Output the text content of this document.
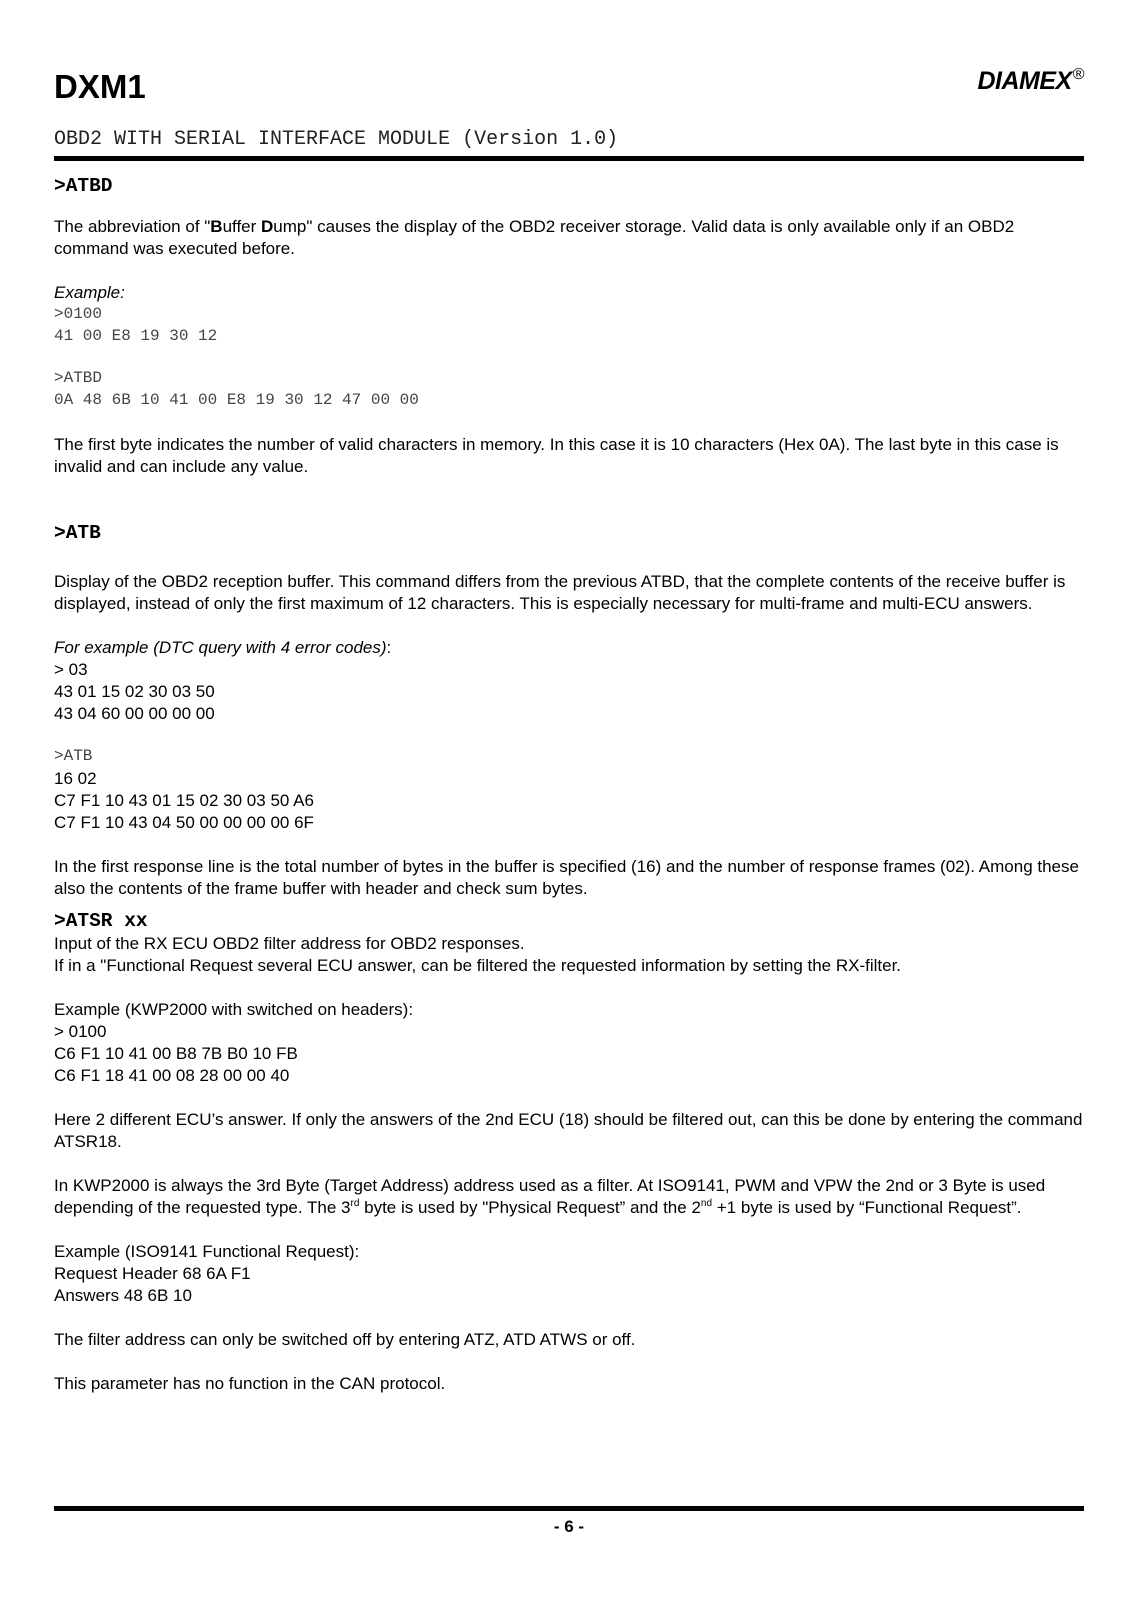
DXM1	DIAMEX®
OBD2 WITH SERIAL INTERFACE MODULE (Version 1.0)
>ATBD

The abbreviation of "Buffer Dump" causes the display of the OBD2 receiver storage. Valid data is only available only if an OBD2 command was executed before.

Example:

>0100
41 00 E8 19 30 12
>ATBD
0A 48 6B 10 41 00 E8 19 30 12 47 00 00

The first byte indicates the number of valid characters in memory. In this case it is 10 characters (Hex 0A). The last byte in this case is invalid and can include any value.

>ATB

Display of the OBD2 reception buffer. This command differs from the previous ATBD, that the complete contents of the receive buffer is displayed, instead of only the first maximum of 12 characters. This is especially necessary for multi-frame and multi-ECU answers.

For example (DTC query with 4 error codes):

> 03

43 01 15 02 30 03 50

43 04 60 00 00 00 00

>ATB

16 02

C7 F1 10 43 01 15 02 30 03 50 A6

C7 F1 10 43 04 50 00 00 00 00 6F

In the first response line is the total number of bytes in the buffer is specified (16) and the number of response frames (02). Among these also the contents of the frame buffer with header and check sum bytes.

>ATSR xx

Input of the RX ECU OBD2 filter address for OBD2 responses.

If in a "Functional Request several ECU answer, can be filtered the requested information by setting the RX-filter.

Example (KWP2000 with switched on headers):

> 0100

C6 F1 10 41 00 B8 7B B0 10 FB

C6 F1 18 41 00 08 28 00 00 40

Here 2 different ECU’s answer. If only the answers of the 2nd ECU (18) should be filtered out, can this be done by entering the command ATSR18.

In KWP2000 is always the 3rd Byte (Target Address) address used as a filter. At ISO9141, PWM and VPW the 2nd or 3 Byte is used depending of the requested type. The 3rd byte is used by "Physical Request” and the 2nd +1 byte is used by “Functional Request”.

Example (ISO9141 Functional Request):

Request Header 68 6A F1

Answers 48 6B 10

The filter address can only be switched off by entering ATZ, ATD ATWS or off.

This parameter has no function in the CAN protocol.

- 6 -
